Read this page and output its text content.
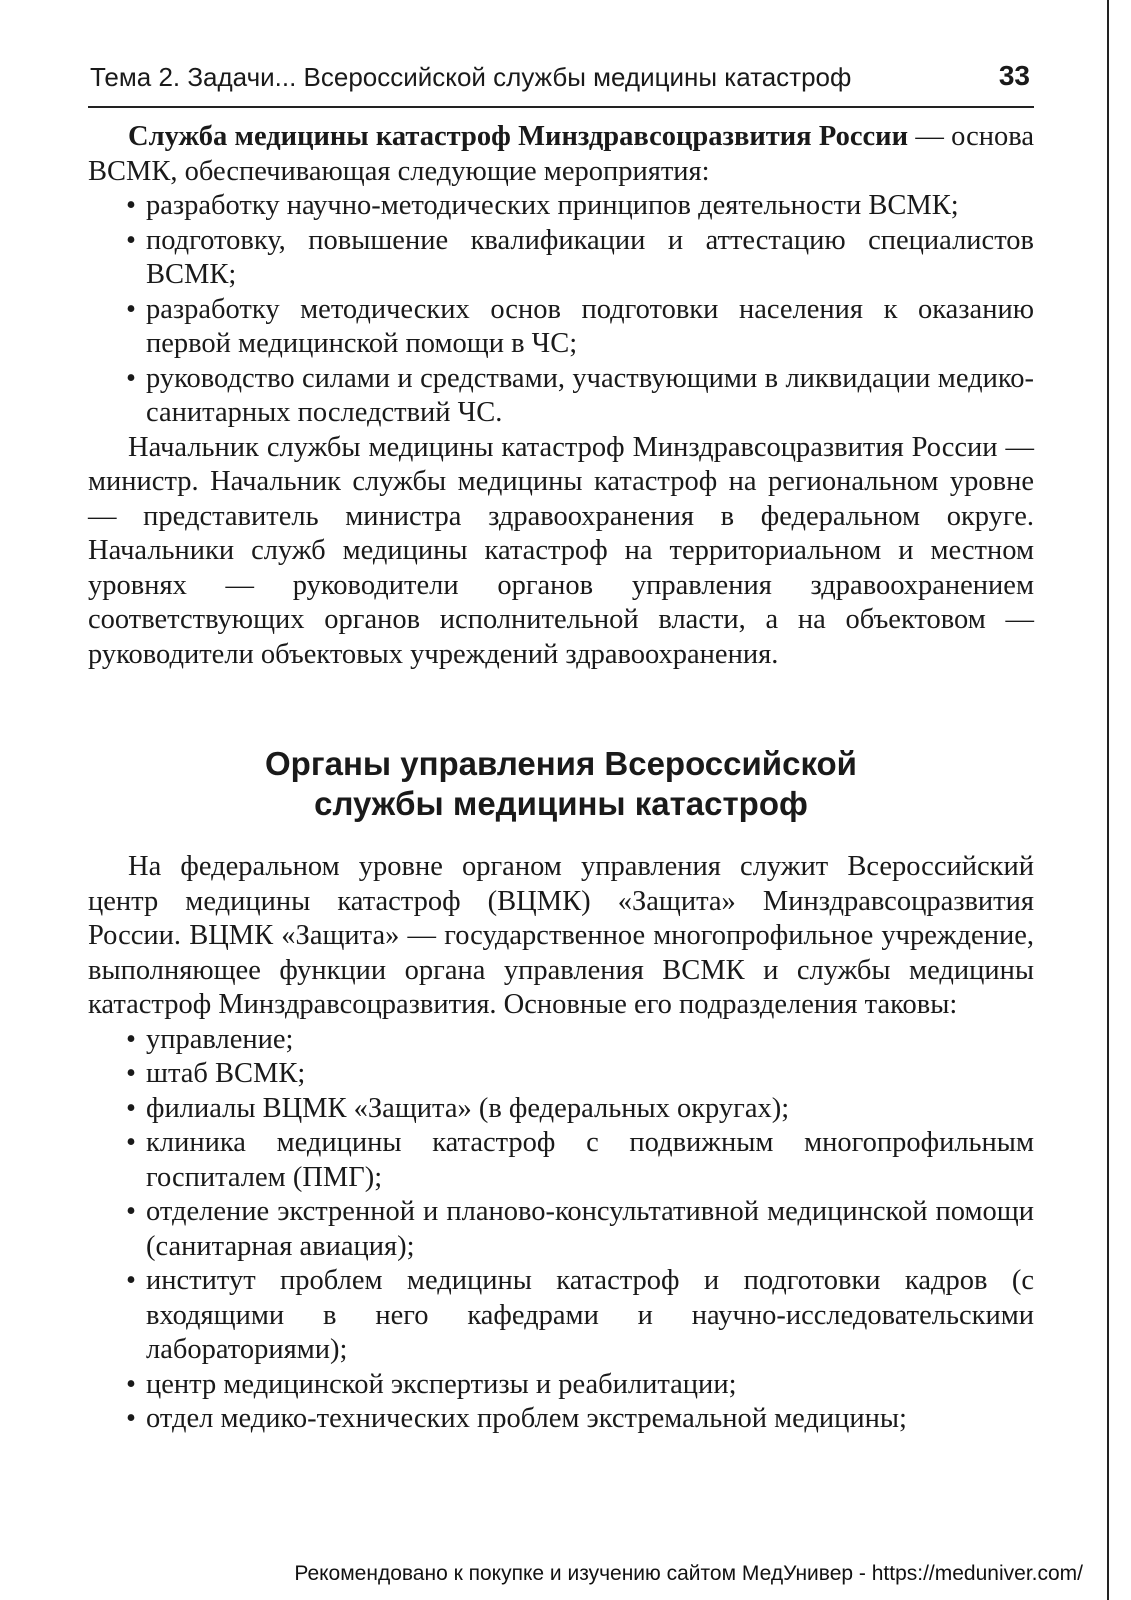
Тема 2. Задачи... Всероссийской службы медицины катастроф	33

Служба медицины катастроф Минздравсоцразвития России — основа ВСМК, обеспечивающая следующие мероприятия:

• разработку научно-методических принципов деятельности ВСМК;
• подготовку, повышение квалификации и аттестацию специалистов ВСМК;
• разработку методических основ подготовки населения к оказанию первой медицинской помощи в ЧС;
• руководство силами и средствами, участвующими в ликвидации медико-санитарных последствий ЧС.

Начальник службы медицины катастроф Минздравсоцразвития России — министр. Начальник службы медицины катастроф на региональном уровне — представитель министра здравоохранения в федеральном округе. Начальники служб медицины катастроф на территориальном и местном уровнях — руководители органов управления здравоохранением соответствующих органов исполнительной власти, а на объектовом — руководители объектовых учреждений здравоохранения.

Органы управления Всероссийской
службы медицины катастроф

На федеральном уровне органом управления служит Всероссийский центр медицины катастроф (ВЦМК) «Защита» Минздравсоцразвития России. ВЦМК «Защита» — государственное многопрофильное учреждение, выполняющее функции органа управления ВСМК и службы медицины катастроф Минздравсоцразвития. Основные его подразделения таковы:

• управление;
• штаб ВСМК;
• филиалы ВЦМК «Защита» (в федеральных округах);
• клиника медицины катастроф с подвижным многопрофильным госпиталем (ПМГ);
• отделение экстренной и планово-консультативной медицинской помощи (санитарная авиация);
• институт проблем медицины катастроф и подготовки кадров (с входящими в него кафедрами и научно-исследовательскими лабораториями);
• центр медицинской экспертизы и реабилитации;
• отдел медико-технических проблем экстремальной медицины;
Рекомендовано к покупке и изучению сайтом МедУнивер - https://meduniver.com/
